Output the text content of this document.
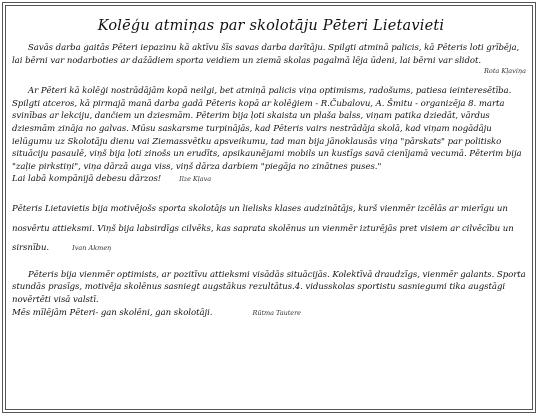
Kolēģu atmiņas par skolotāju Pēteri Lietavieti

Savās darba gaitās Pēteri iepazinu kā aktīvu šīs savas darba darītāju. Spilgti atminā palicis, kā Pēteris loti grībēja, lai bērni var nodarboties ar dažādiem sporta veidiem un ziemā skolas pagalmā lēja ūdeni, lai bērni var slidot.

Rota Kļaviņa

Ar Pēteri kā kolēģi nostrādājām kopā neilgi, bet atmiņā palicis viņa optimisms, radošums, patiesa ieinteresētība. Spilgti atceros, kā pirmajā manā darba gadā Pēteris kopā ar kolēģiem - R.Čubalovu, A. Šmitu - organizēja 8. marta svinības ar lekciju, dančiem un dziesmām. Pēterim bija ļoti skaista un plaša balss, viņam patika dziedāt, vārdus dziesmām zināja no galvas. Mūsu saskarsme turpinājās, kad Pēteris vairs nestrādāja skolā, kad viņam nogādāju ielūgumu uz Skolotāju dienu vai Ziemassvētku apsveikumu, tad man bija jānoklausās viņa "pārskats" par politisko situāciju pasaulē, viņš bija ļoti zinošs un erudīts, apsikaunējami mobils un kustīgs savā cienījamā vecumā. Pēterim bija "zaļie pirkstiņi", viņa dārzā auga viss, viņš dārza darbiem "piegāja no zinātnes puses."

Lai labā kompānijā debesu dārzos!	Ilze Kļava

Pēteris Lietavietis bija motivējošs sporta skolotājs un lielisks klases audzinātājs, kurš vienmēr izcēlās ar mierīgu un nosvērtu attieksmi. Viņš bija labsirdīgs cilvēks, kas saprata skolēnus un vienmēr izturējās pret visiem ar cilvēcību un sirsnību.	Ivan Akmeņ

Pēteris bija vienmēr optimists, ar pozitīvu attieksmi visādās situācijās. Kolektīvā draudzīgs, vienmēr galants. Sporta stundās prasīgs, motivēja skolēnus sasniegt augstākus rezultātus.4. vidusskolas sportistu sasniegumi tika augstāgi novērtēti visā valstī.

Mēs mīlējām Pēteri- gan skolēni, gan skolotāji.	Rūtma Tautere
